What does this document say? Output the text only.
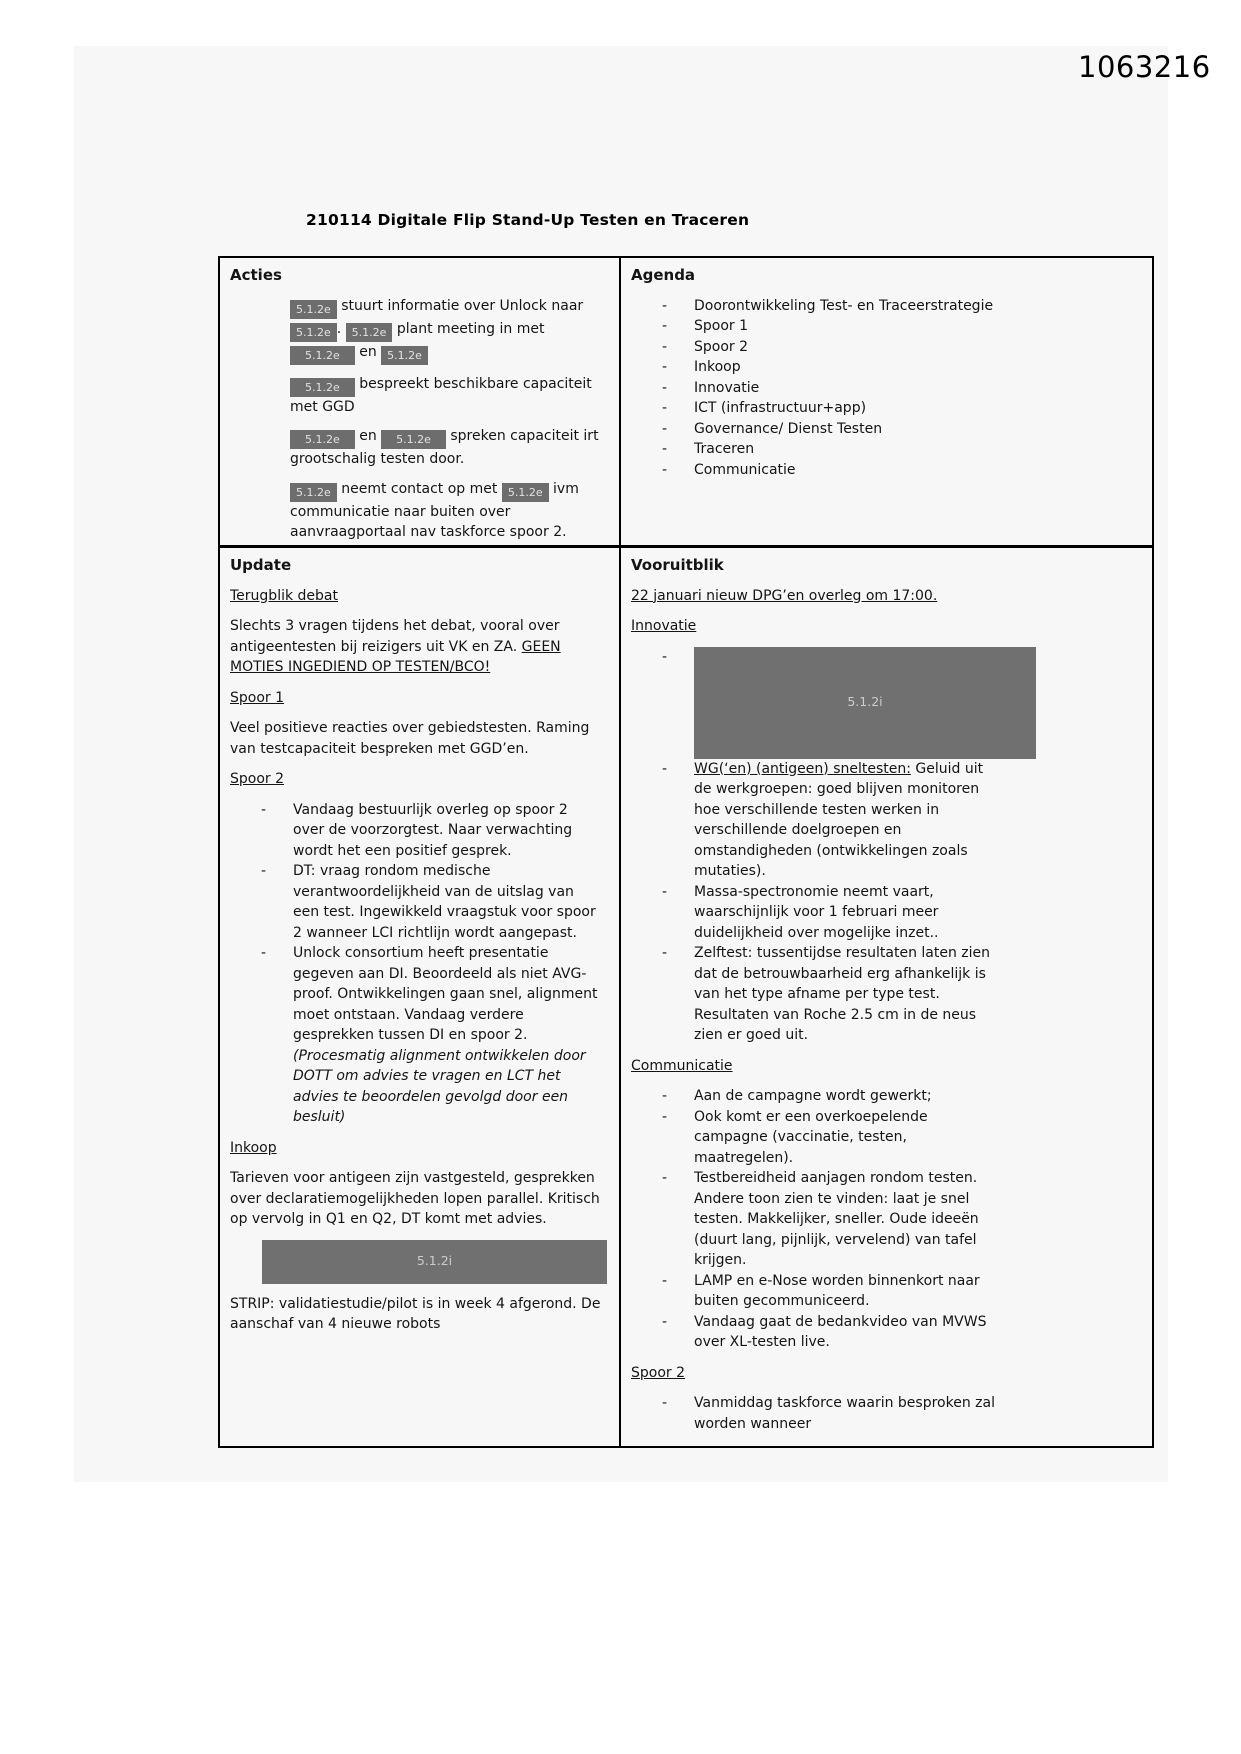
1063216
210114 Digitale Flip Stand-Up Testen en Traceren
Acties
5.1.2e stuurt informatie over Unlock naar 5.1.2e . 5.1.2e plant meeting in met 5.1.2e en 5.1.2e
5.1.2e bespreekt beschikbare capaciteit met GGD
5.1.2e en 5.1.2e spreken capaciteit irt grootschalig testen door.
5.1.2e neemt contact op met 5.1.2e ivm communicatie naar buiten over aanvraagportaal nav taskforce spoor 2.
Agenda
- Doorontwikkeling Test- en Traceerstrategie
- Spoor 1
- Spoor 2
- Inkoop
- Innovatie
- ICT (infrastructuur+app)
- Governance/ Dienst Testen
- Traceren
- Communicatie
Update
Terugblik debat
Slechts 3 vragen tijdens het debat, vooral over antigeentesten bij reizigers uit VK en ZA. GEEN MOTIES INGEDIEND OP TESTEN/BCO!
Spoor 1
Veel positieve reacties over gebiedstesten. Raming van testcapaciteit bespreken met GGD’en.
Spoor 2
- Vandaag bestuurlijk overleg op spoor 2 over de voorzorgtest. Naar verwachting wordt het een positief gesprek.
- DT: vraag rondom medische verantwoordelijkheid van de uitslag van een test. Ingewikkeld vraagstuk voor spoor 2 wanneer LCI richtlijn wordt aangepast.
- Unlock consortium heeft presentatie gegeven aan DI. Beoordeeld als niet AVG-proof. Ontwikkelingen gaan snel, alignment moet ontstaan. Vandaag verdere gesprekken tussen DI en spoor 2. (Procesmatig alignment ontwikkelen door DOTT om advies te vragen en LCT het advies te beoordelen gevolgd door een besluit)
Inkoop
Tarieven voor antigeen zijn vastgesteld, gesprekken over declaratiemogelijkheden lopen parallel. Kritisch op vervolg in Q1 en Q2, DT komt met advies.
5.1.2i
STRIP: validatiestudie/pilot is in week 4 afgerond. De aanschaf van 4 nieuwe robots
Vooruitblik
22 januari nieuw DPG’en overleg om 17:00.
Innovatie
- 5.1.2i
- WG(‘en) (antigeen) sneltesten: Geluid uit de werkgroepen: goed blijven monitoren hoe verschillende testen werken in verschillende doelgroepen en omstandigheden (ontwikkelingen zoals mutaties).
- Massa-spectronomie neemt vaart, waarschijnlijk voor 1 februari meer duidelijkheid over mogelijke inzet..
- Zelftest: tussentijdse resultaten laten zien dat de betrouwbaarheid erg afhankelijk is van het type afname per type test. Resultaten van Roche 2.5 cm in de neus zien er goed uit.
Communicatie
- Aan de campagne wordt gewerkt;
- Ook komt er een overkoepelende campagne (vaccinatie, testen, maatregelen).
- Testbereidheid aanjagen rondom testen. Andere toon zien te vinden: laat je snel testen. Makkelijker, sneller. Oude ideeën (duurt lang, pijnlijk, vervelend) van tafel krijgen.
- LAMP en e-Nose worden binnenkort naar buiten gecommuniceerd.
- Vandaag gaat de bedankvideo van MVWS over XL-testen live.
Spoor 2
- Vanmiddag taskforce waarin besproken zal worden wanneer
